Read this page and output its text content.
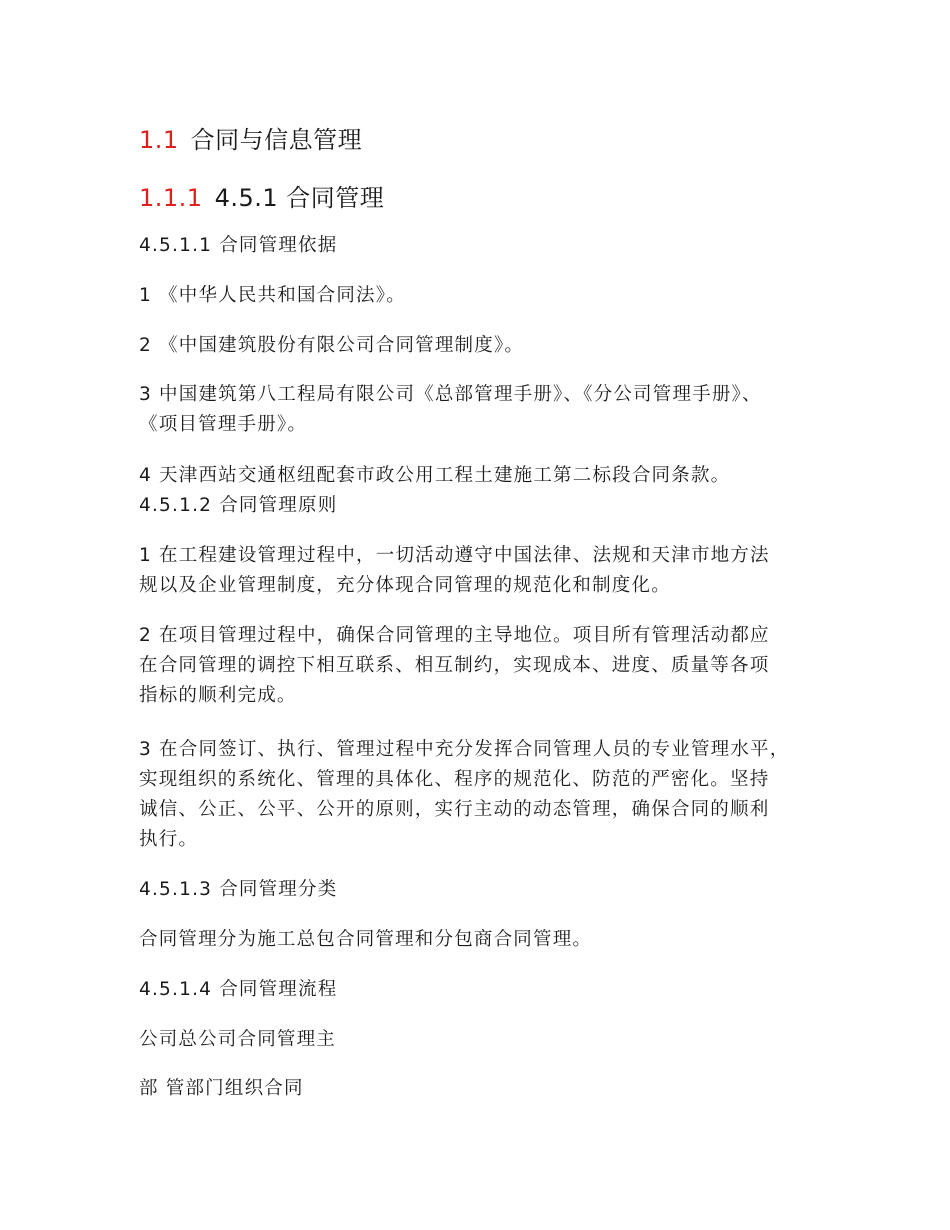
1.1 合同与信息管理
1.1.1 4.5.1 合同管理
4.5.1.1 合同管理依据
1 《中华人民共和国合同法》。
2 《中国建筑股份有限公司合同管理制度》。
3 中国建筑第八工程局有限公司《总部管理手册》、《分公司管理手册》、
《项目管理手册》。
4 天津西站交通枢纽配套市政公用工程土建施工第二标段合同条款。
4.5.1.2 合同管理原则
1 在工程建设管理过程中，一切活动遵守中国法律、法规和天津市地方法
规以及企业管理制度，充分体现合同管理的规范化和制度化。
2 在项目管理过程中，确保合同管理的主导地位。项目所有管理活动都应
在合同管理的调控下相互联系、相互制约，实现成本、进度、质量等各项
指标的顺利完成。
3 在合同签订、执行、管理过程中充分发挥合同管理人员的专业管理水平，
实现组织的系统化、管理的具体化、程序的规范化、防范的严密化。坚持
诚信、公正、公平、公开的原则，实行主动的动态管理，确保合同的顺利
执行。
4.5.1.3 合同管理分类
合同管理分为施工总包合同管理和分包商合同管理。
4.5.1.4 合同管理流程
公司总公司合同管理主
部 管部门组织合同
